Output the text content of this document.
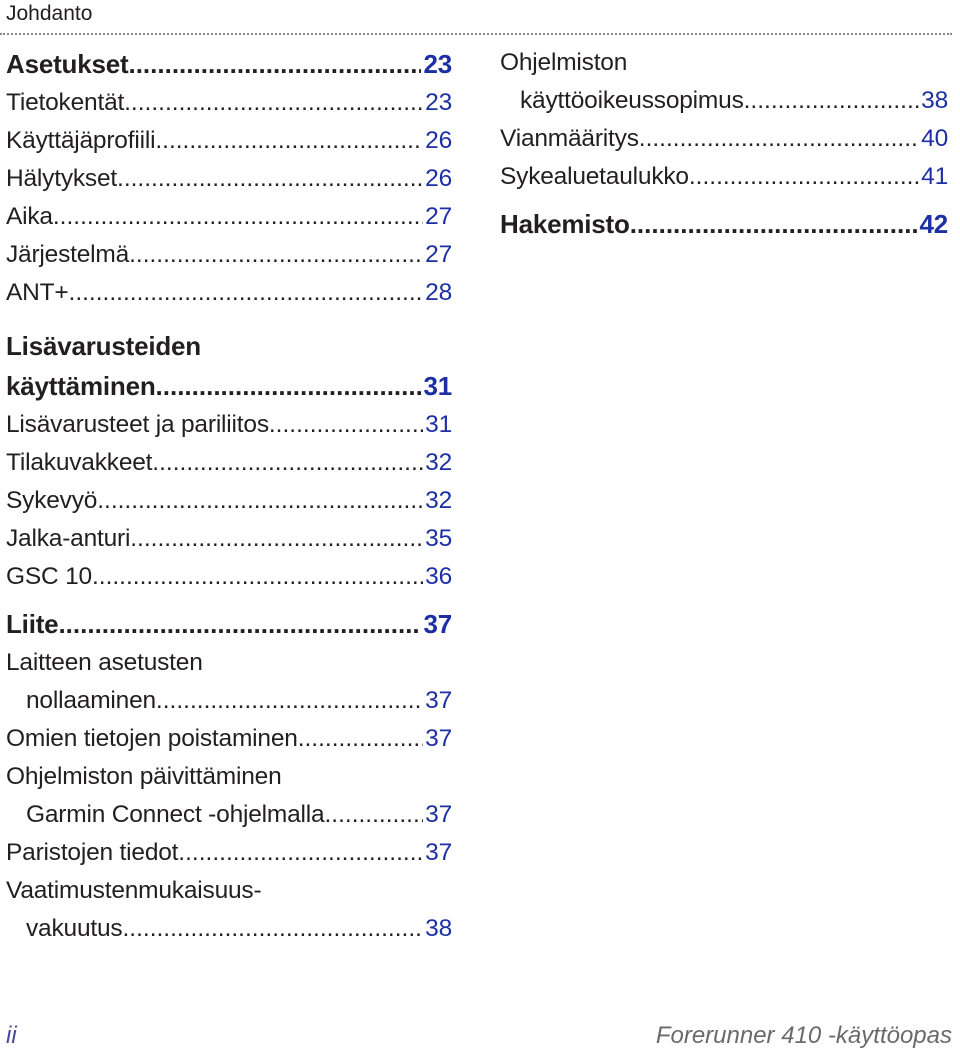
Johdanto
Asetukset .....	23
Tietokentät .....	23
Käyttäjäprofiili .....	26
Hälytykset .....	26
Aika .....	27
Järjestelmä .....	27
ANT+ .....	28
Lisävarusteiden
käyttäminen .....	31
Lisävarusteet ja pariliitos .....	31
Tilakuvakkeet .....	32
Sykevyö .....	32
Jalka-anturi .....	35
GSC 10 .....	36
Liite .....	37
Laitteen asetusten
nollaaminen .....	37
Omien tietojen poistaminen .....	37
Ohjelmiston päivittäminen
Garmin Connect -ohjelmalla .....	37
Paristojen tiedot .....	37
Vaatimustenmukaisuus-
vakuutus .....	38
Ohjelmiston
käyttöoikeussopimus .....	38
Vianmääritys .....	40
Sykealuetaulukko .....	41
Hakemisto .....	42
ii	Forerunner 410 -käyttöopas
